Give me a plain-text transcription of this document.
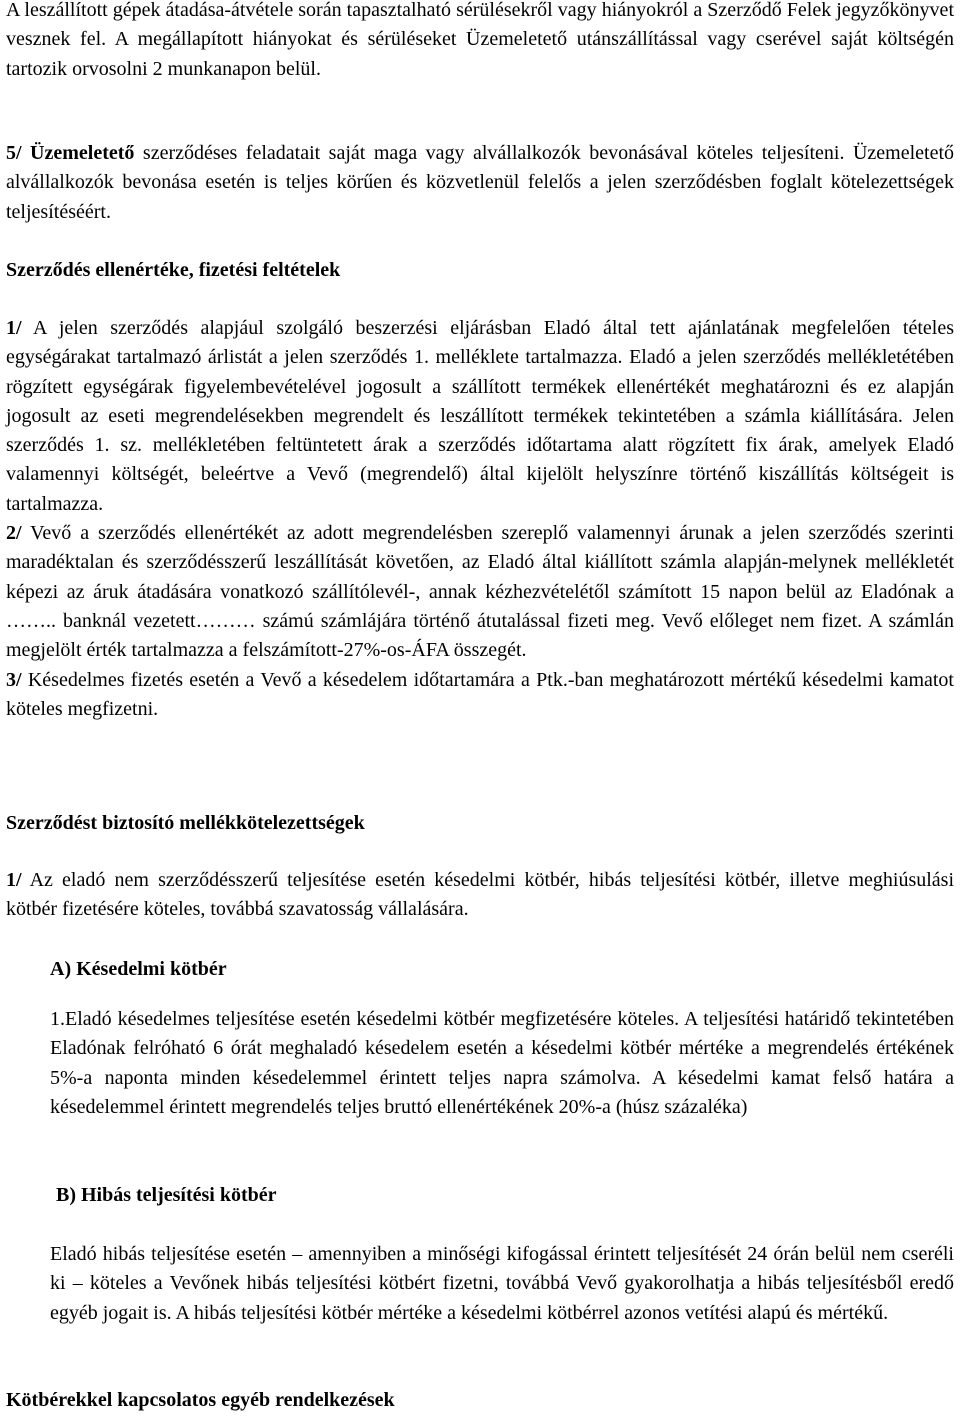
A leszállított gépek átadása-átvétele során tapasztalható sérülésekről vagy hiányokról a Szerződő Felek jegyzőkönyvet vesznek fel. A megállapított hiányokat és sérüléseket Üzemeletető utánszállítással vagy cserével saját költségén tartozik orvosolni 2 munkanapon belül.

5/ Üzemeletető szerződéses feladatait saját maga vagy alvállalkozók bevonásával köteles teljesíteni. Üzemeletető alvállalkozók bevonása esetén is teljes körűen és közvetlenül felelős a jelen szerződésben foglalt kötelezettségek teljesítéséért.

Szerződés ellenértéke, fizetési feltételek

1/ A jelen szerződés alapjául szolgáló beszerzési eljárásban Eladó által tett ajánlatának megfelelően tételes egységárakat tartalmazó árlistát a jelen szerződés 1. melléklete tartalmazza. Eladó a jelen szerződés mellékletétében rögzített egységárak figyelembevételével jogosult a szállított termékek ellenértékét meghatározni és ez alapján jogosult az eseti megrendelésekben megrendelt és leszállított termékek tekintetében a számla kiállítására. Jelen szerződés 1. sz. mellékletében feltüntetett árak a szerződés időtartama alatt rögzített fix árak, amelyek Eladó valamennyi költségét, beleértve a Vevő (megrendelő) által kijelölt helyszínre történő kiszállítás költségeit is tartalmazza.
2/ Vevő a szerződés ellenértékét az adott megrendelésben szereplő valamennyi árunak a jelen szerződés szerinti maradéktalan és szerződésszerű leszállítását követően, az Eladó által kiállított számla alapján-melynek mellékletét képezi az áruk átadására vonatkozó szállítólevél-, annak kézhezvételétől számított 15 napon belül az Eladónak a …….. banknál vezetett……… számú számlájára történő átutalással fizeti meg. Vevő előleget nem fizet. A számlán megjelölt érték tartalmazza a felszámított-27%-os-ÁFA összegét.
3/ Késedelmes fizetés esetén a Vevő a késedelem időtartamára a Ptk.-ban meghatározott mértékű késedelmi kamatot köteles megfizetni.

Szerződést biztosító mellékkötelezettségek

1/ Az eladó nem szerződésszerű teljesítése esetén késedelmi kötbér, hibás teljesítési kötbér, illetve meghiúsulási kötbér fizetésére köteles, továbbá szavatosság vállalására.

A) Késedelmi kötbér

1.Eladó késedelmes teljesítése esetén késedelmi kötbér megfizetésére köteles. A teljesítési határidő tekintetében Eladónak felróható 6 órát meghaladó késedelem esetén a késedelmi kötbér mértéke a megrendelés értékének 5%-a naponta minden késedelemmel érintett teljes napra számolva. A késedelmi kamat felső határa a késedelemmel érintett megrendelés teljes bruttó ellenértékének 20%-a (húsz százaléka)

B) Hibás teljesítési kötbér

Eladó hibás teljesítése esetén – amennyiben a minőségi kifogással érintett teljesítését 24 órán belül nem cseréli ki – köteles a Vevőnek hibás teljesítési kötbért fizetni, továbbá Vevő gyakorolhatja a hibás teljesítésből eredő egyéb jogait is. A hibás teljesítési kötbér mértéke a késedelmi kötbérrel azonos vetítési alapú és mértékű.

Kötbérekkel kapcsolatos egyéb rendelkezések
